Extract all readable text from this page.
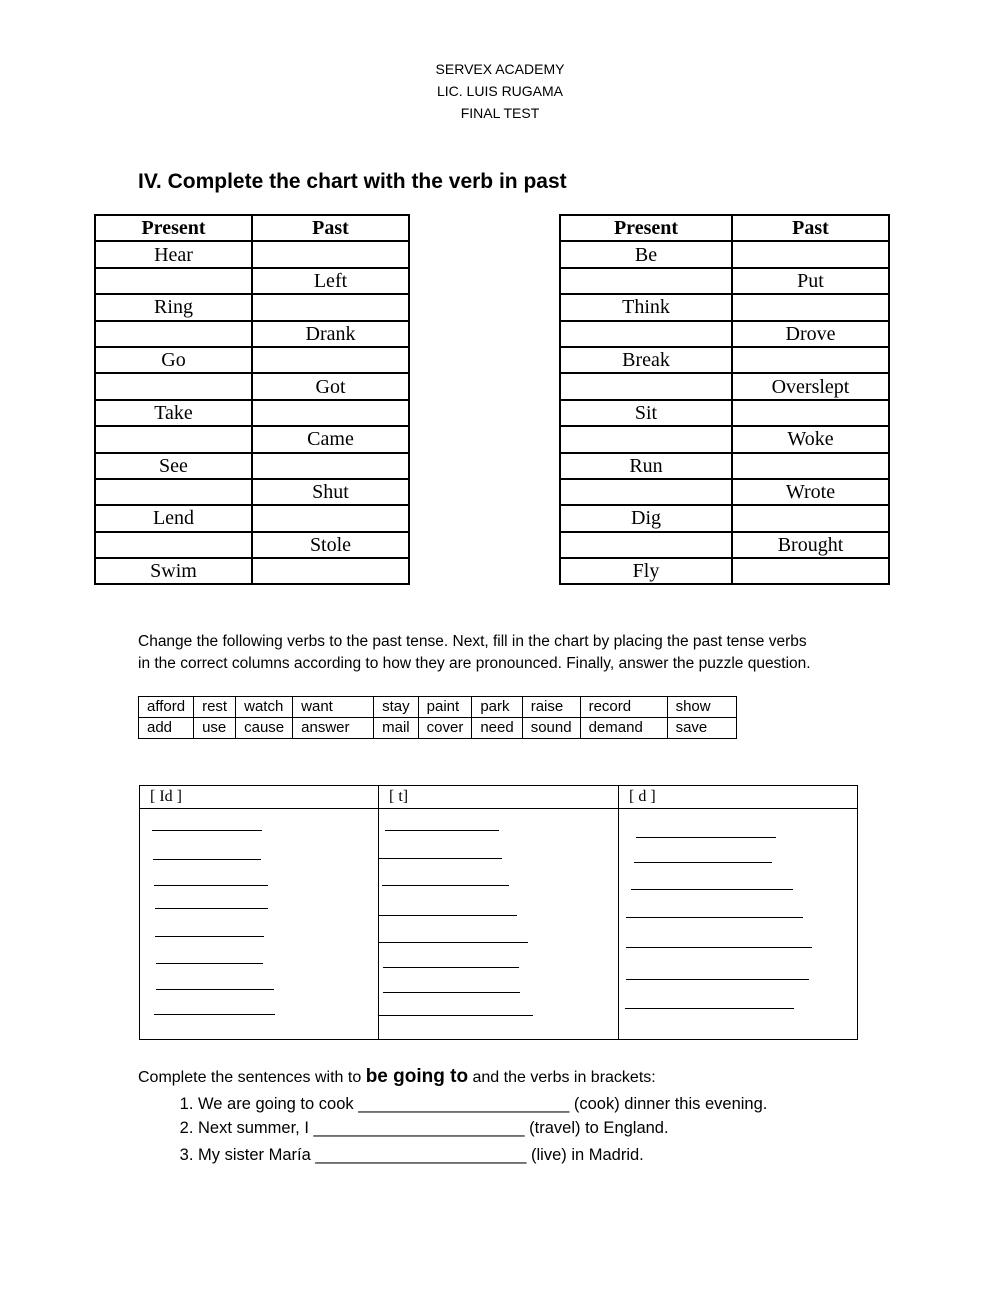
SERVEX ACADEMY
LIC. LUIS RUGAMA
FINAL TEST
IV. Complete the chart with the verb in past
Present	Past
Hear	
	Left
Ring	
	Drank
Go	
	Got
Take	
	Came
See	
	Shut
Lend	
	Stole
Swim	
Present	Past
Be	
	Put
Think	
	Drove
Break	
	Overslept
Sit	
	Woke
Run	
	Wrote
Dig	
	Brought
Fly	
Change the following verbs to the past tense. Next, fill in the chart by placing the past tense verbs
in the correct columns according to how they are pronounced. Finally, answer the puzzle question.
afford	rest	watch	want	stay	paint	park	raise	record	show
add	use	cause	answer	mail	cover	need	sound	demand	save
[ Id ]	[ t]	[ d ]
Complete the sentences with to be going to and the verbs in brackets:
1. We are going to cook _______________________ (cook) dinner this evening.
2. Next summer, I _______________________ (travel) to England.
3. My sister María _______________________ (live) in Madrid.
